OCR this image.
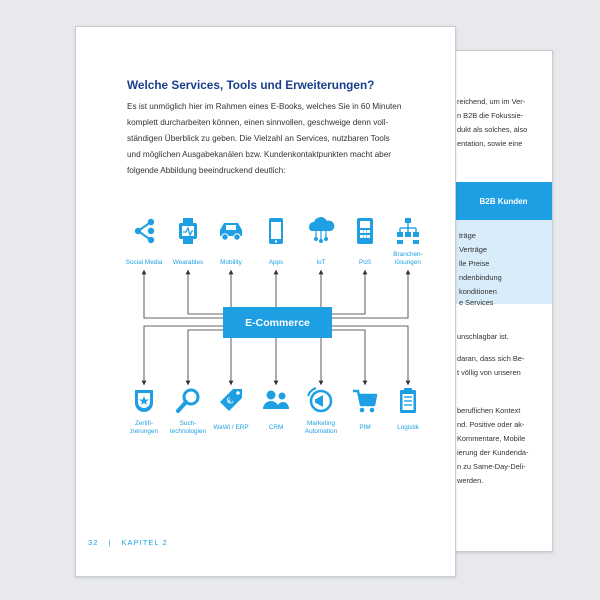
reichend, um im Ver-
n B2B die Fokussie-
dukt als solches, also
entation, sowie eine
B2B Kunden
träge
Verträge
lle Preise
ndenbindung
konditionen
e Services
unschlagbar ist.
daran, dass sich Be-
t völlig von unseren
beruflichen Kontext
nd. Positive oder ak-
Kommentare, Mobile
ierung der Kundenda-
n zu Same-Day-Deli-
werden.
Welche Services, Tools und Erweiterungen?
Es ist unmöglich hier im Rahmen eines E-Books, welches Sie in 60 Minuten
komplett durcharbeiten können, einen sinnvollen, geschweige denn voll-
ständigen Überblick zu geben. Die Vielzahl an Services, nutzbaren Tools
und möglichen Ausgabekanälen bzw. Kundenkontaktpunkten macht aber
folgende Abbildung beeindruckend deutlich:
€
Social Media	Wearables	Mobility	Apps	IoT	PoS
Branchen-
lösungen
E-Commerce
Zertifi-
zierungen
Such-
technologien
WaWi / ERP	CRM
Marketing
Automation
PIM	Logistik
32 | KAPITEL 2
